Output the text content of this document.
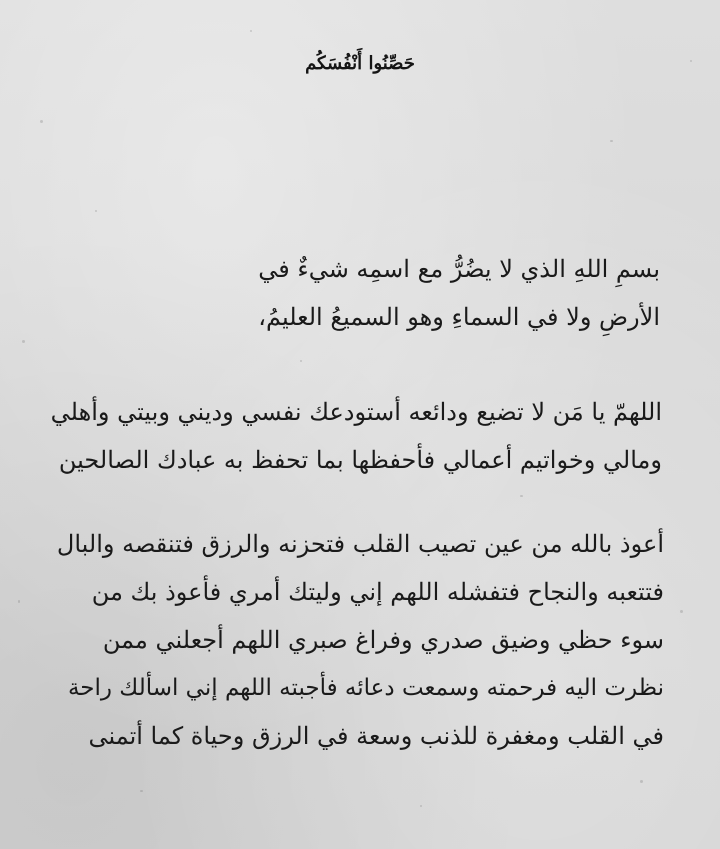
حَصِّنُوا أَنْفُسَكُم
بسمِ اللهِ الذي لا يضُرُّ مع اسمِه شيءٌ في
الأرضِ ولا في السماءِ وهو السميعُ العليمُ،
اللهمّ يا مَن لا تضيع ودائعه أستودعك نفسي وديني وبيتي وأهلي
ومالي وخواتيم أعمالي فأحفظها بما تحفظ به عبادك الصالحين
أعوذ بالله من عين تصيب القلب فتحزنه والرزق فتنقصه والبال
فتتعبه والنجاح فتفشله اللهم إني وليتك أمري فأعوذ بك من
سوء حظي وضيق صدري وفراغ صبري اللهم أجعلني ممن
نظرت اليه فرحمته وسمعت دعائه فأجبته اللهم إني اسألك راحة
في القلب ومغفرة للذنب وسعة في الرزق وحياة كما أتمنى
